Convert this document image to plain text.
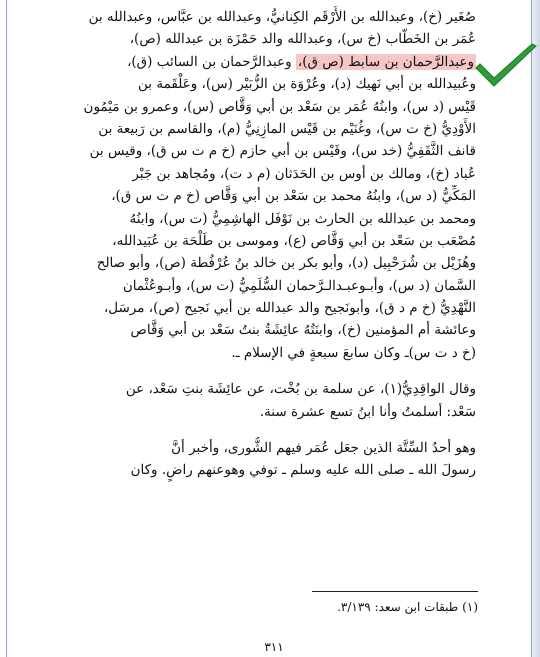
صُغَير (خ)، وعبدالله بن الأُرْقَم الكِنانيُّ، وعبدالله بن عبَّاس، وعبدالله بن
عُمَر بن الخَطَّاب (خ س)، وعبدالله والد حَمْزَة بن عبدالله (ص)،
وعبدالرَّحمان بن سابط (ص ق)، وعبدالرَّحمان بن السائب (ق)،
وعُبيدالله بن أبي نَهيك (د)، وعُرْوَة بن الزُّبَيْر (س)، وعَلْقَمة بن
قَيْس (د س)، وابنُهُ عُمَر بن سَعْد بن أبي وَقَّاص (س)، وعمرو بن مَيْمُون
الأَوْدِيُّ (خ ت س)، وغُنَيْم بن قَيْس المازِنِيُّ (م)، والقاسم بن رَبيعة بن
قانف الثَّقَفِيُّ (خد س)، وقَيْس بن أبي حازم (خ م ت س ق)، وقيس بن
عُباد (خ)، ومالك بن أوس بن الحَدَثان (م د ت)، ومُجاهد بن جَبْر
المَكِّيُّ (د س)، وابنُهُ محمد بن سَعْد بن أبي وَقَّاص (خ م ت س ق)،
ومحمد بن عبدالله بن الحارث بن نَوْفَل الهاشِمِيُّ (ت س)، وابنُهُ
مُصْعَب بن سَعْد بن أبي وَقَّاص (ع)، وموسى بن طَلْحَة بن عُبَيدالله،
وهُزَيْل بن شُرَحْبِيل (د)، وأبو بكر بن خالد بنُ عُرْفُطة (ص)، وأبو صالح
السَّمان (د س)، وأبـوعبـدالـرَّحمان السُّلَمِيُّ (ت س)، وأبـوعُثْمان
النَّهْدِيُّ (خ م د ق)، وأبونَجيح والد عبدالله بن أبي نَجيح (ص)، مرسَل،
وعائشة أم المؤمنين (خ)، وابنَتُهُ عائِشَةُ بنتُ سَعْد بن أبي وَقَّاص
(خ د ت س)ـ وكان سابعَ سبعةٍ في الإسلام ـ.
وقال الواقِدِيُّ(١)، عن سلمة بن بُخْت، عن عائِشَة بنتِ سَعْد، عن
سَعْد: أسلمتُ وأنا ابنُ تسع عشرة سنة.
وهو أحدُ السِّتَّة الذين جعَل عُمَر فيهم الشُّورى، وأخبر أنَّ
رسولَ الله ـ صلى الله عليه وسلم ـ توفي وهوعنهم راضٍ. وكان
(١) طبقات ابن سعد: ٣/١٣٩.
٣١١
